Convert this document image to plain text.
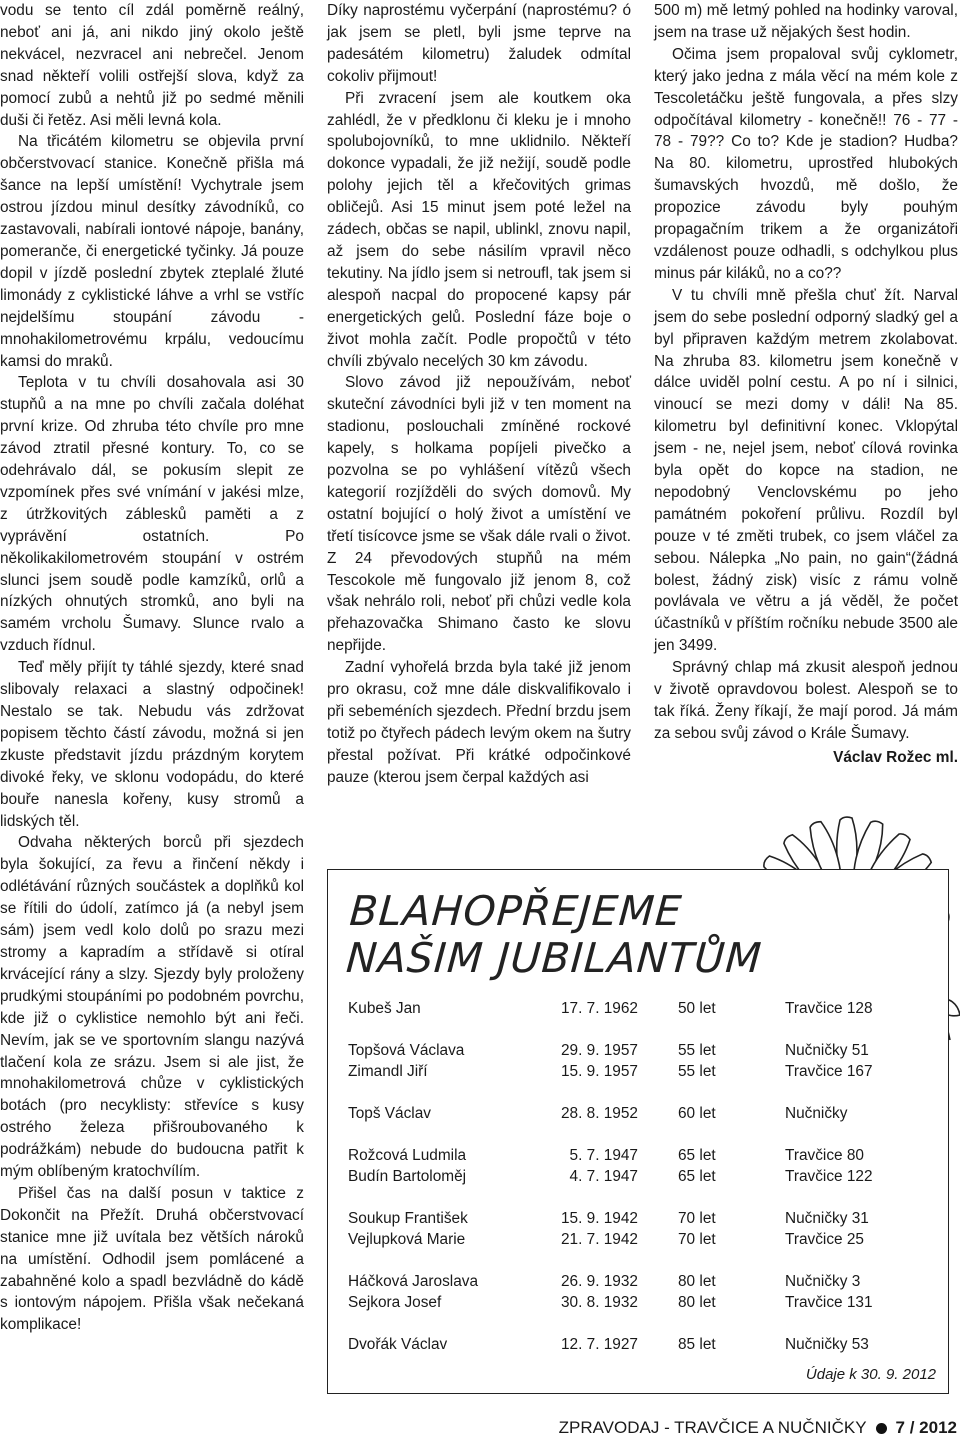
vodu se tento cíl zdál poměrně reálný, neboť ani já, ani nikdo jiný okolo ještě nekvácel, nezvracel ani nebrečel. Jenom snad někteří volili ostřejší slova, když za pomocí zubů a nehtů již po sedmé měnili duši či řetěz. Asi měli levná kola.

Na třicátém kilometru se objevila první občerstvovací stanice. Konečně přišla má šance na lepší umístění! Vychytrale jsem ostrou jízdou minul desítky závodníků, co zastavovali, nabírali iontové nápoje, banány, pomeranče, či energetické tyčinky. Já pouze dopil v jízdě poslední zbytek zteplalé žluté limonády z cyklistické láhve a vrhl se vstříc nejdelšímu stoupání závodu - mnohakilometrovému krpálu, vedoucímu kamsi do mraků.

Teplota v tu chvíli dosahovala asi 30 stupňů a na mne po chvíli začala doléhat první krize. Od zhruba této chvíle pro mne závod ztratil přesné kontury. To, co se odehrávalo dál, se pokusím slepit ze vzpomínek přes své vnímání v jakési mlze, z útržkovitých záblesků paměti a z vyprávění ostatních. Po několikakilometrovém stoupání v ostrém slunci jsem soudě podle kamzíků, orlů a nízkých ohnutých stromků, ano byli na samém vrcholu Šumavy. Slunce rvalo a vzduch řídnul.

Teď měly přijít ty táhlé sjezdy, které snad slibovaly relaxaci a slastný odpočinek! Nestalo se tak. Nebudu vás zdržovat popisem těchto částí závodu, možná si jen zkuste představit jízdu prázdným korytem divoké řeky, ve sklonu vodopádu, do které bouře nanesla kořeny, kusy stromů a lidských těl.

Odvaha některých borců při sjezdech byla šokující, za řevu a řinčení někdy i odlétávání různých součástek a doplňků kol se řítili do údolí, zatímco já (a nebyl jsem sám) jsem vedl kolo dolů po srazu mezi stromy a kapradím a střídavě si otíral krvácející rány a slzy. Sjezdy byly proloženy prudkými stoupáními po podobném povrchu, kde již o cyklistice nemohlo být ani řeči. Nevím, jak se ve sportovním slangu nazývá tlačení kola ze srázu. Jsem si ale jist, že mnohakilometrová chůze v cyklistických botách (pro necyklisty: střevíce s kusy ostrého železa přišroubovaného k podrážkám) nebude do budoucna patřit k mým oblíbeným kratochvílím.

Přišel čas na další posun v taktice z Dokončit na Přežít. Druhá občerstvovací stanice mne již uvítala bez větších nároků na umístění. Odhodil jsem pomlácené a zabahněné kolo a spadl bezvládně do kádě s iontovým nápojem. Přišla však nečekaná komplikace!

Díky naprostému vyčerpání (naprostému? ó jak jsem se pletl, byli jsme teprve na padesátém kilometru) žaludek odmítal cokoliv přijmout!

Při zvracení jsem ale koutkem oka zahlédl, že v předklonu či kleku je i mnoho spolubojovníků, to mne uklidnilo. Někteří dokonce vypadali, že již nežijí, soudě podle polohy jejich těl a křečovitých grimas obličejů. Asi 15 minut jsem poté ležel na zádech, občas se napil, ublinkl, znovu napil, až jsem do sebe násilím vpravil něco tekutiny. Na jídlo jsem si netroufl, tak jsem si alespoň nacpal do propocené kapsy pár energetických gelů. Poslední fáze boje o život mohla začít. Podle propočtů v této chvíli zbývalo necelých 30 km závodu.

Slovo závod již nepoužívám, neboť skuteční závodníci byli již v ten moment na stadionu, poslouchali zmíněné rockové kapely, s holkama popíjeli pivečko a pozvolna se po vyhlášení vítězů všech kategorií rozjížděli do svých domovů. My ostatní bojující o holý život a umístění ve třetí tisícovce jsme se však dále rvali o život. Z 24 převodových stupňů na mém Tescokole mě fungovalo již jenom 8, což však nehrálo roli, neboť při chůzi vedle kola přehazovačka Shimano často ke slovu nepřijde.

Zadní vyhořelá brzda byla také již jenom pro okrasu, což mne dále diskvalifikovalo i při sebeméních sjezdech. Přední brzdu jsem totiž po čtyřech pádech levým okem na šutry přestal požívat. Při krátké odpočinkové pauze (kterou jsem čerpal každých asi

500 m) mě letmý pohled na hodinky varoval, jsem na trase už nějakých šest hodin.

Očima jsem propaloval svůj cyklometr, který jako jedna z mála věcí na mém kole z Tescoletáčku ještě fungovala, a přes slzy odpočítával kilometry - konečně!! 76 - 77 - 78 - 79?? Co to? Kde je stadion? Hudba? Na 80. kilometru, uprostřed hlubokých šumavských hvozdů, mě došlo, že propozice závodu byly pouhým propagačním trikem a že organizátoři vzdálenost pouze odhadli, s odchylkou plus minus pár kiláků, no a co??

V tu chvíli mně přešla chuť žít. Narval jsem do sebe poslední odporný sladký gel a byl připraven každým metrem zkolabovat. Na zhruba 83. kilometru jsem konečně v dálce uviděl polní cestu. A po ní i silnici, vinoucí se mezi domy v dáli! Na 85. kilometru byl definitivní konec. Vklopýtal jsem - ne, nejel jsem, neboť cílová rovinka byla opět do kopce na stadion, ne nepodobný Venclovskému po jeho památném pokoření průlivu. Rozdíl byl pouze v té změti trubek, co jsem vláčel za sebou. Nálepka „No pain, no gain“(žádná bolest, žádný zisk) visíc z rámu volně povlávala ve větru a já věděl, že počet účastníků v příštím ročníku nebude 3500 ale jen 3499.

Správný chlap má zkusit alespoň jednou v životě opravdovou bolest. Alespoň se to tak říká. Ženy říkají, že mají porod. Já mám za sebou svůj závod o Krále Šumavy.

Václav Rožec ml.
BLAHOPŘEJEME
NAŠIM JUBILANTŮM
Kubeš Jan	17. 7. 1962	50 let	Travčice 128
Topšová Václava	29. 9. 1957	55 let	Nučničky 51
Zimandl Jiří	15. 9. 1957	55 let	Travčice 167
Topš Václav	28. 8. 1952	60 let	Nučničky
Rožcová Ludmila	5. 7. 1947	65 let	Travčice 80
Budín Bartoloměj	4. 7. 1947	65 let	Travčice 122
Soukup František	15. 9. 1942	70 let	Nučničky 31
Vejlupková Marie	21. 7. 1942	70 let	Travčice 25
Háčková Jaroslava	26. 9. 1932	80 let	Nučničky 3
Sejkora Josef	30. 8. 1932	80 let	Travčice 131
Dvořák Václav	12. 7. 1927	85 let	Nučničky 53
Údaje k 30. 9. 2012
ZPRAVODAJ - TRAVČICE A NUČNIČKY 7 / 2012
